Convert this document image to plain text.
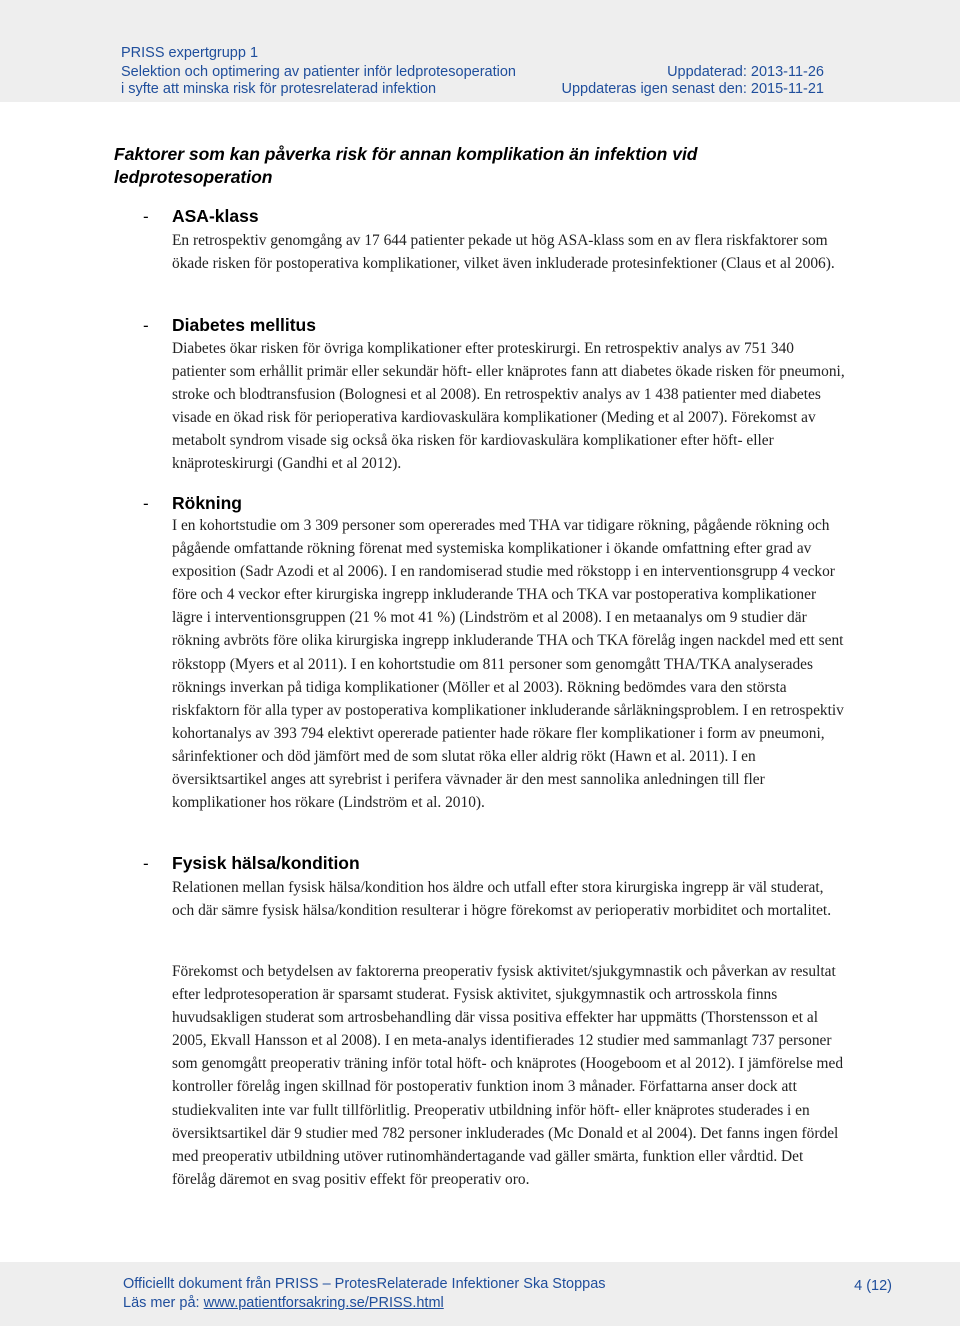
PRISS expertgrupp 1
Selektion och optimering av patienter inför ledprotesoperation
i syfte att minska risk för protesrelaterad infektion
Uppdaterad: 2013-11-26
Uppdateras igen senast den: 2015-11-21
Faktorer som kan påverka risk för annan komplikation än infektion vid ledprotesoperation
- ASA-klass

En retrospektiv genomgång av 17 644 patienter pekade ut hög ASA-klass som en av flera riskfaktorer som ökade risken för postoperativa komplikationer, vilket även inkluderade protesinfektioner (Claus et al 2006).

- Diabetes mellitus

Diabetes ökar risken för övriga komplikationer efter proteskirurgi. En retrospektiv analys av 751 340 patienter som erhållit primär eller sekundär höft- eller knäprotes fann att diabetes ökade risken för pneumoni, stroke och blodtransfusion (Bolognesi et al 2008). En retrospektiv analys av 1 438 patienter med diabetes visade en ökad risk för perioperativa kardiovaskulära komplikationer (Meding et al 2007). Förekomst av metabolt syndrom visade sig också öka risken för kardiovaskulära komplikationer efter höft- eller knäproteskirurgi (Gandhi et al 2012).

- Rökning

I en kohortstudie om 3 309 personer som opererades med THA var tidigare rökning, pågående rökning och pågående omfattande rökning förenat med systemiska komplikationer i ökande omfattning efter grad av exposition (Sadr Azodi et al 2006). I en randomiserad studie med rökstopp i en interventionsgrupp 4 veckor före och 4 veckor efter kirurgiska ingrepp inkluderande THA och TKA var postoperativa komplikationer lägre i interventionsgruppen (21 % mot 41 %) (Lindström et al 2008). I en metaanalys om 9 studier där rökning avbröts före olika kirurgiska ingrepp inkluderande THA och TKA förelåg ingen nackdel med ett sent rökstopp (Myers et al 2011). I en kohortstudie om 811 personer som genomgått THA/TKA analyserades röknings inverkan på tidiga komplikationer (Möller et al 2003). Rökning bedömdes vara den största riskfaktorn för alla typer av postoperativa komplikationer inkluderande sårläkningsproblem. I en retrospektiv kohortanalys av 393 794 elektivt opererade patienter hade rökare fler komplikationer i form av pneumoni, sårinfektioner och död jämfört med de som slutat röka eller aldrig rökt (Hawn et al. 2011). I en översiktsartikel anges att syrebrist i perifera vävnader är den mest sannolika anledningen till fler komplikationer hos rökare (Lindström et al. 2010).

- Fysisk hälsa/kondition

Relationen mellan fysisk hälsa/kondition hos äldre och utfall efter stora kirurgiska ingrepp är väl studerat, och där sämre fysisk hälsa/kondition resulterar i högre förekomst av perioperativ morbiditet och mortalitet.

Förekomst och betydelsen av faktorerna preoperativ fysisk aktivitet/sjukgymnastik och påverkan av resultat efter ledprotesoperation är sparsamt studerat. Fysisk aktivitet, sjukgymnastik och artrosskola finns huvudsakligen studerat som artrosbehandling där vissa positiva effekter har uppmätts (Thorstensson et al 2005, Ekvall Hansson et al 2008). I en meta-analys identifierades 12 studier med sammanlagt 737 personer som genomgått preoperativ träning inför total höft- och knäprotes (Hoogeboom et al 2012). I jämförelse med kontroller förelåg ingen skillnad för postoperativ funktion inom 3 månader. Författarna anser dock att studiekvaliten inte var fullt tillförlitlig. Preoperativ utbildning inför höft- eller knäprotes studerades i en översiktsartikel där 9 studier med 782 personer inkluderades (Mc Donald et al 2004). Det fanns ingen fördel med preoperativ utbildning utöver rutinomhändertagande vad gäller smärta, funktion eller vårdtid. Det förelåg däremot en svag positiv effekt för preoperativ oro.

Officiellt dokument från PRISS – ProtesRelaterade Infektioner Ska Stoppas
Läs mer på: www.patientforsakring.se/PRISS.html
4 (12)
